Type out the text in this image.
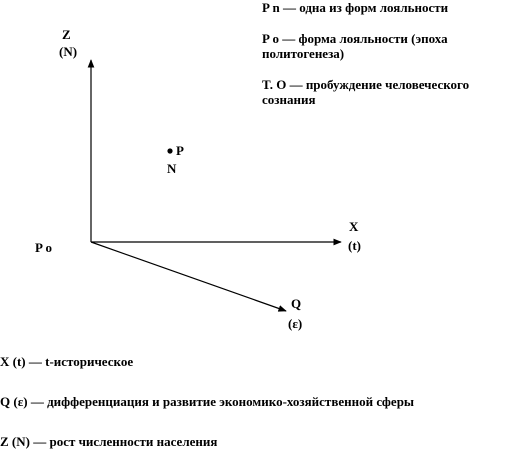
P n — одна из форм лояльности
P o — форма лояльности (эпоха
политогенеза)
T. O — пробуждение человеческого
сознания
Z
(N)
X
(t)
Q
(ε)
P o
P
N
X (t) — t-историческое
Q (ε) — дифференциация и развитие экономико-хозяйственной сферы
Z (N) — рост численности населения
